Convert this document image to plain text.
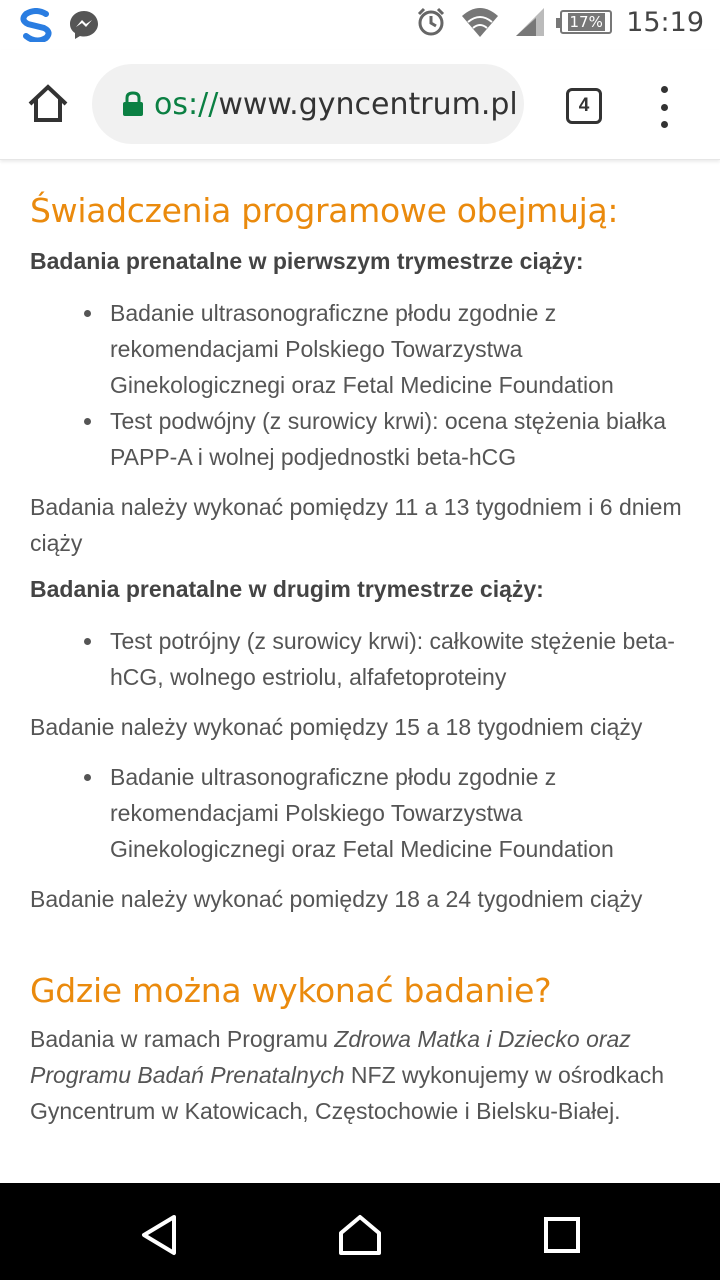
17% 15:19
os://www.gyncentrum.pl	4
Świadczenia programowe obejmują:

Badania prenatalne w pierwszym trymestrze ciąży:

Badanie ultrasonograficzne płodu zgodnie z rekomendacjami Polskiego Towarzystwa Ginekologicznegi oraz Fetal Medicine Foundation
Test podwójny (z surowicy krwi): ocena stężenia białka PAPP-A i wolnej podjednostki beta-hCG

Badania należy wykonać pomiędzy 11 a 13 tygodniem i 6 dniem ciąży

Badania prenatalne w drugim trymestrze ciąży:

Test potrójny (z surowicy krwi): całkowite stężenie beta-hCG, wolnego estriolu, alfafetoproteiny

Badanie należy wykonać pomiędzy 15 a 18 tygodniem ciąży

Badanie ultrasonograficzne płodu zgodnie z rekomendacjami Polskiego Towarzystwa Ginekologicznegi oraz Fetal Medicine Foundation

Badanie należy wykonać pomiędzy 18 a 24 tygodniem ciąży

Gdzie można wykonać badanie?

Badania w ramach Programu Zdrowa Matka i Dziecko oraz Programu Badań Prenatalnych NFZ wykonujemy w ośrodkach Gyncentrum w Katowicach, Częstochowie i Bielsku-Białej.
